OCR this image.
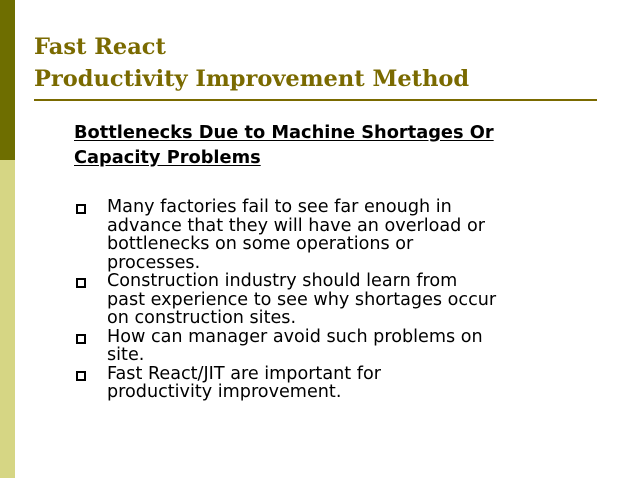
Fast React
Productivity Improvement Method
Bottlenecks Due to Machine Shortages Or
Capacity Problems
Many factories fail to see far enough in
advance that they will have an overload or
bottlenecks on some operations or
processes.
Construction industry should learn from
past experience to see why shortages occur
on construction sites.
How can manager avoid such problems on
site.
Fast React/JIT are important for
productivity improvement.
